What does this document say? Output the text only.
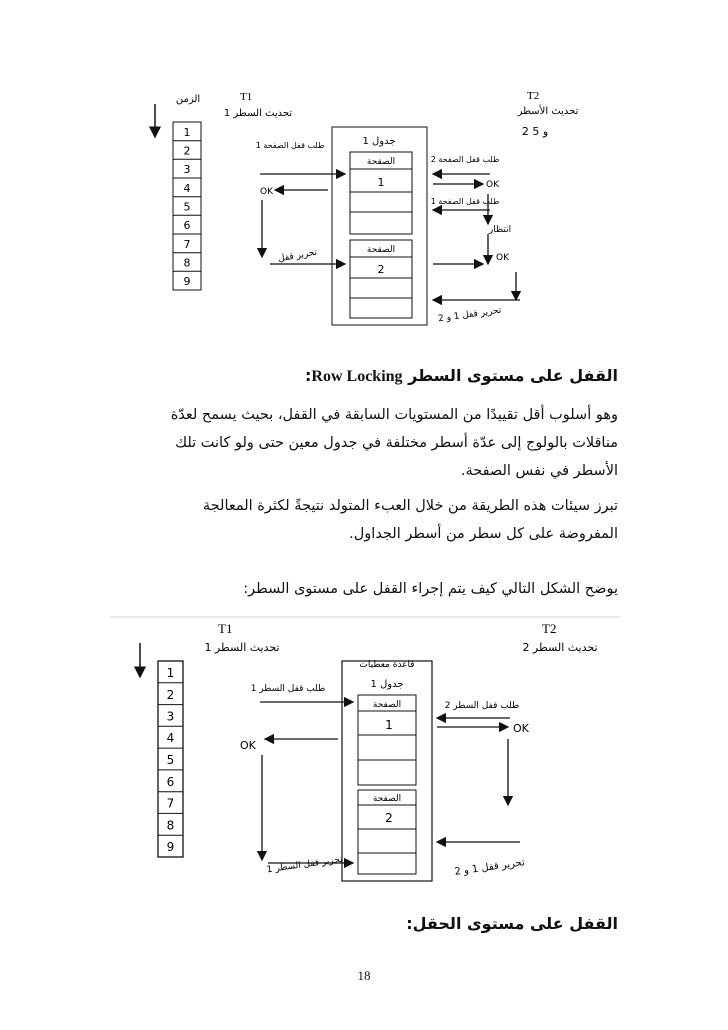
الزمن
1
2
3
4
5
6
7
8
9
T1
تحديث السطر 1
T2
تحديث الأسطر
2 و 5
جدول 1
الصفحة
1
الصفحة
2
طلب قفل الصفحة 1
OK
تحرير قفل
طلب قفل الصفحة 2
OK
طلب قفل الصفحة 1
انتظار
OK
تحرير قفل 1 و 2
القفل على مستوى السطر Row Locking:
وهو أسلوب أقل تقييدًا من المستويات السابقة في القفل، بحيث يسمح لعدّة
مناقلات بالولوج إلى عدّة أسطر مختلفة في جدول معين حتى ولو كانت تلك
الأسطر في نفس الصفحة.
تبرز سيئات هذه الطريقة من خلال العبء المتولد نتيجةً لكثرة المعالجة
المفروضة على كل سطر من أسطر الجداول.
يوضح الشكل التالي كيف يتم إجراء القفل على مستوى السطر:
1
2
3
4
5
6
7
8
9
T1
تحديث السطر 1
T2
تحديث السطر 2
قاعدة معطيات
جدول 1
الصفحة
1
الصفحة
2
طلب قفل السطر 1
OK
تحرير قفل السطر 1
طلب قفل السطر 2
OK
تحرير قفل 1 و 2
القفل على مستوى الحقل:
18
